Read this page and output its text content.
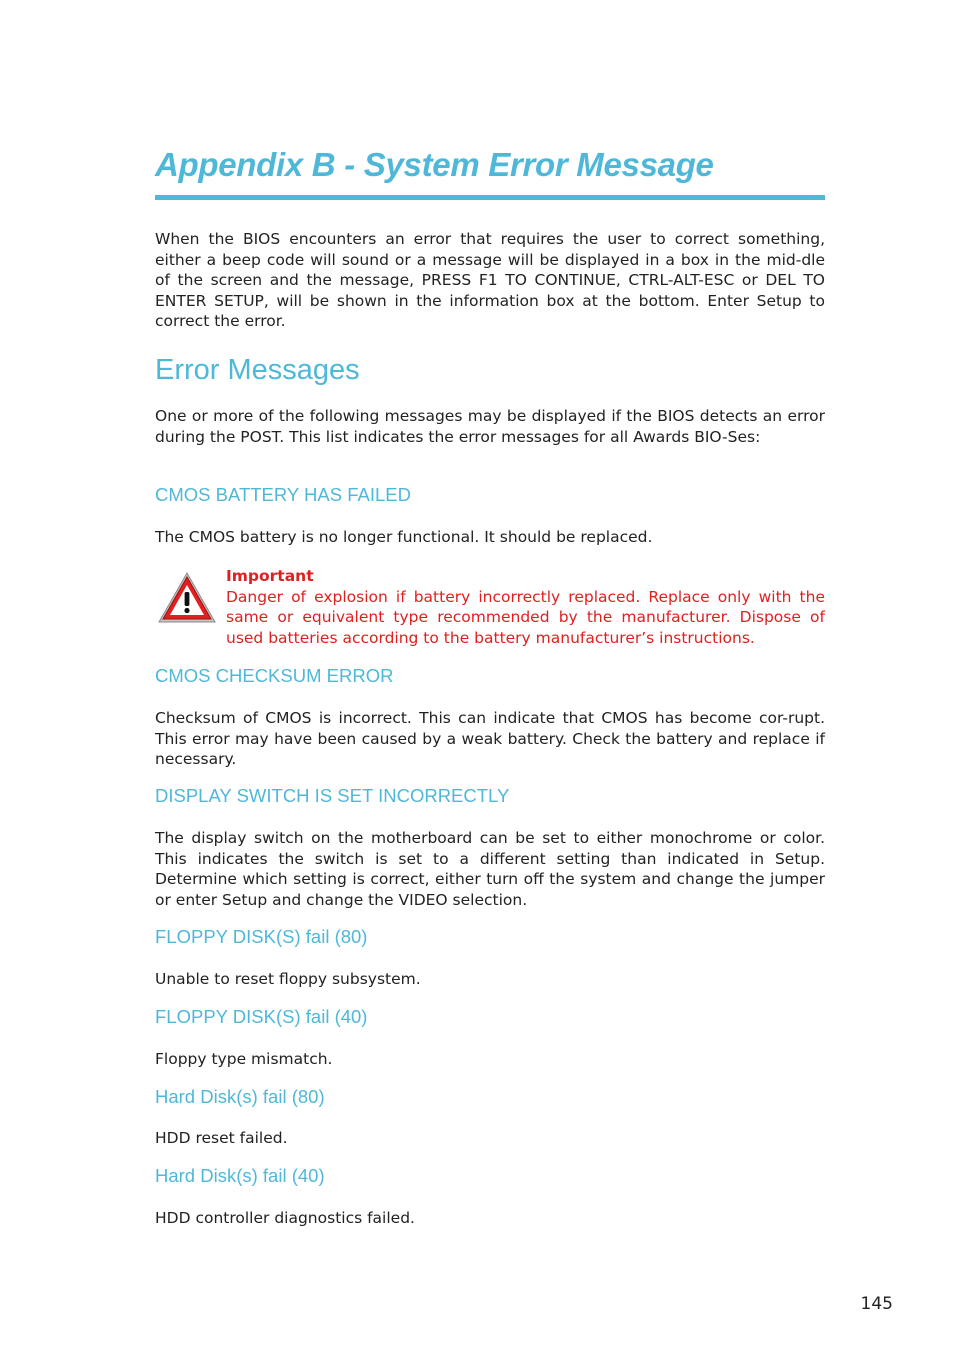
Appendix B - System Error Message

When the BIOS encounters an error that requires the user to correct something, either a beep code will sound or a message will be displayed in a box in the mid-dle of the screen and the message, PRESS F1 TO CONTINUE, CTRL-ALT-ESC or DEL TO ENTER SETUP, will be shown in the information box at the bottom. Enter Setup to correct the error.

Error Messages

One or more of the following messages may be displayed if the BIOS detects an error during the POST. This list indicates the error messages for all Awards BIO-Ses:

CMOS BATTERY HAS FAILED

The CMOS battery is no longer functional. It should be replaced.

Important
Danger of explosion if battery incorrectly replaced. Replace only with the same or equivalent type recommended by the manufacturer. Dispose of used batteries according to the battery manufacturer’s instructions.
CMOS CHECKSUM ERROR

Checksum of CMOS is incorrect. This can indicate that CMOS has become cor-rupt. This error may have been caused by a weak battery. Check the battery and replace if necessary.

DISPLAY SWITCH IS SET INCORRECTLY

The display switch on the motherboard can be set to either monochrome or color. This indicates the switch is set to a different setting than indicated in Setup. Determine which setting is correct, either turn off the system and change the jumper or enter Setup and change the VIDEO selection.

FLOPPY DISK(S) fail (80)

Unable to reset floppy subsystem.

FLOPPY DISK(S) fail (40)

Floppy type mismatch.

Hard Disk(s) fail (80)

HDD reset failed.

Hard Disk(s) fail (40)

HDD controller diagnostics failed.

145
